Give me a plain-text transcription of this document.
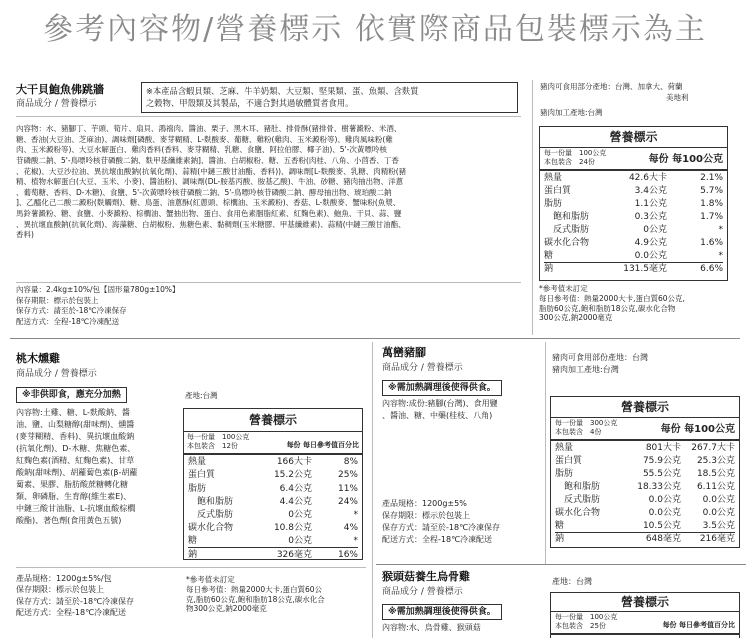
參考內容物/營養標示 依實際商品包裝標示為主
大干貝鮑魚佛跳牆
商品成分 / 營養標示
※本產品含蝦貝類、芝麻、牛羊奶類、大豆類、堅果類、蛋、魚類、含麩質
之穀物、甲殼類及其製品，不適合對其過敏體質者食用。
內容物：水、豬腳丁、芋頭、筍片、扇貝、鴻禧肉、醬油、栗子、黑木耳、豬肚、排骨酥(豬排骨、樹薯澱粉、米酒、
糖、香油(大豆油、芝麻油)、調味劑[磷酸、麥芽糊精、L-麩酸麥、葡糖、雞粉(雞肉、玉米澱粉等)、雞肉風味粉(雞
肉、玉米澱粉等)、大豆水解蛋白、雞肉香料(香料、麥芽糊精、乳糖、食鹽、阿拉伯膠、椰子油)、5'-次黃嘌呤核
苷磷酸二鈉、5'-鳥嘌呤核苷磷酸二鈉、麩甲基纖維素鈉]、醬油、白胡椒粉、糖、五香粉(肉桂、八角、小茴香、丁香
、花椒)、大豆沙拉油、異抗壞血酸鈉(抗氧化劑)、蒜精(中鏈三酸甘油酯、香料))、調味劑[L-麩酸麥、乳糖、肉精粉(豬
精、植物水解蛋白(大豆、玉米、小麥)、醬油粉)、調味劑(DL-胺基丙酸、胺基乙酸)、牛油、砂糖、豬肉抽出物、洋蔥
、葡萄糖、香料、D-木糖)、食鹽、5'-次黃嘌呤核苷磷酸二鈉、5'-鳥嘌呤核苷磷酸二鈉、酵母抽出物、琥珀酸二鈉
]、乙醯化己二酸二澱粉(麩觸劑)、糖、鳥蛋、油蔥酥(紅蔥頭、棕櫚油、玉米澱粉)、香菇、L-麩酸麥、蟹味粉(魚漿、
馬鈴薯澱粉、糖、食鹽、小麥澱粉、棕櫚油、蟹抽出物、蛋白、食用色素胭脂紅素、紅麴色素)、鮑魚、干貝、蒜、鹽
、異抗壞血酸鈉(抗氧化劑)、海藻糖、白胡椒粉、焦糖色素、黏稠劑(玉米糖膠、甲基纖維素)、蒜精(中鏈三酸甘油酯、
香料)
內容量：2.4kg±10%/包【固形量780g±10%】
保存期限：標示於包裝上
保存方式：請至於-18℃冷凍保存
配送方式：全程-18℃冷凍配送
豬肉可食用部分產地：台灣、加拿大、荷蘭
美地利
豬肉加工產地:台灣
營養標示
每一份量　100公克
本包裝含　24份	每份 每100公克
熱量	42.6大卡	2.1%
蛋白質	3.4公克	5.7%
脂肪	1.1公克	1.8%
飽和脂肪	0.3公克	1.7%
反式脂肪	0公克	*
碳水化合物	4.9公克	1.6%
糖	0.0公克	*
鈉	131.5毫克	6.6%
*參考值未訂定
每日參考值：熱量2000大卡,蛋白質60公克,
脂肪60公克,飽和脂肪18公克,碳水化合物
300公克,鈉2000毫克
桃木燻雞
商品成分 / 營養標示
※非供即食，應充分加熱	產地:台灣
內容物:土雞、糖、L-麩酸鈉、醬
油、鹽、山梨糖醇(甜味劑)、燻醬
(麥芽糊精、香料)、異抗壞血酸鈉
(抗氧化劑)、D-木糖、焦糖色素、
紅麴色素(酒精、紅麴色素)、甘草
酸鈉(甜味劑)、胡蘿蔔色素(β-胡蘿
蔔素、果膠、脂肪酸蔗糖轉化糖
類、卵磷脂、生育醇(維生素E)、
中鏈三酸甘油脂、L-抗壞血酸棕櫚
酸酯)、著色劑(食用黃色五號)
營養標示
每一份量　100公克
本包裝含　12份	每份 每日參考值百分比
熱量	166大卡	8%
蛋白質	15.2公克	25%
脂肪	6.4公克	11%
飽和脂肪	4.4公克	24%
反式脂肪	0公克	*
碳水化合物	10.8公克	4%
糖	0公克	*
鈉	326毫克	16%
產品規格：1200g±5%/包
保存期限：標示於包裝上
保存方式：請至於-18℃冷凍保存
配送方式：全程-18℃冷凍配送
*參考值未訂定
每日參考值：熱量2000大卡,蛋白質60公
克,脂肪60公克,飽和脂肪18公克,碳水化合
物300公克,鈉2000毫克
萬巒豬腳
商品成分 / 營養標示
※需加熱調理後使得供食。
內容物:成份:豬腳(台灣)、食用鹽
、醬油、糖、中藥(桂枝、八角)
產品規格：1200g±5%
保存期限：標示於包裝上
保存方式：請至於-18℃冷凍保存
配送方式：全程-18℃冷凍配送
豬肉可食用部份產地：台灣
豬肉加工產地:台灣
營養標示
每一份量　300公克
本包裝含　4份	每份 每100公克
熱量	801大卡	267.7大卡
蛋白質	75.9公克	25.3公克
脂肪	55.5公克	18.5公克
飽和脂肪	18.33公克	6.11公克
反式脂肪	0.0公克	0.0公克
碳水化合物	0.0公克	0.0公克
糖	10.5公克	3.5公克
鈉	648毫克	216毫克
猴頭菇養生烏骨雞
商品成分 / 營養標示
※需加熱調理後使得供食。
內容物:水、烏骨雞、猴頭菇
產地：台灣
營養標示
每一份量　100公克
本包裝含　25份	每份 每日參考值百分比
